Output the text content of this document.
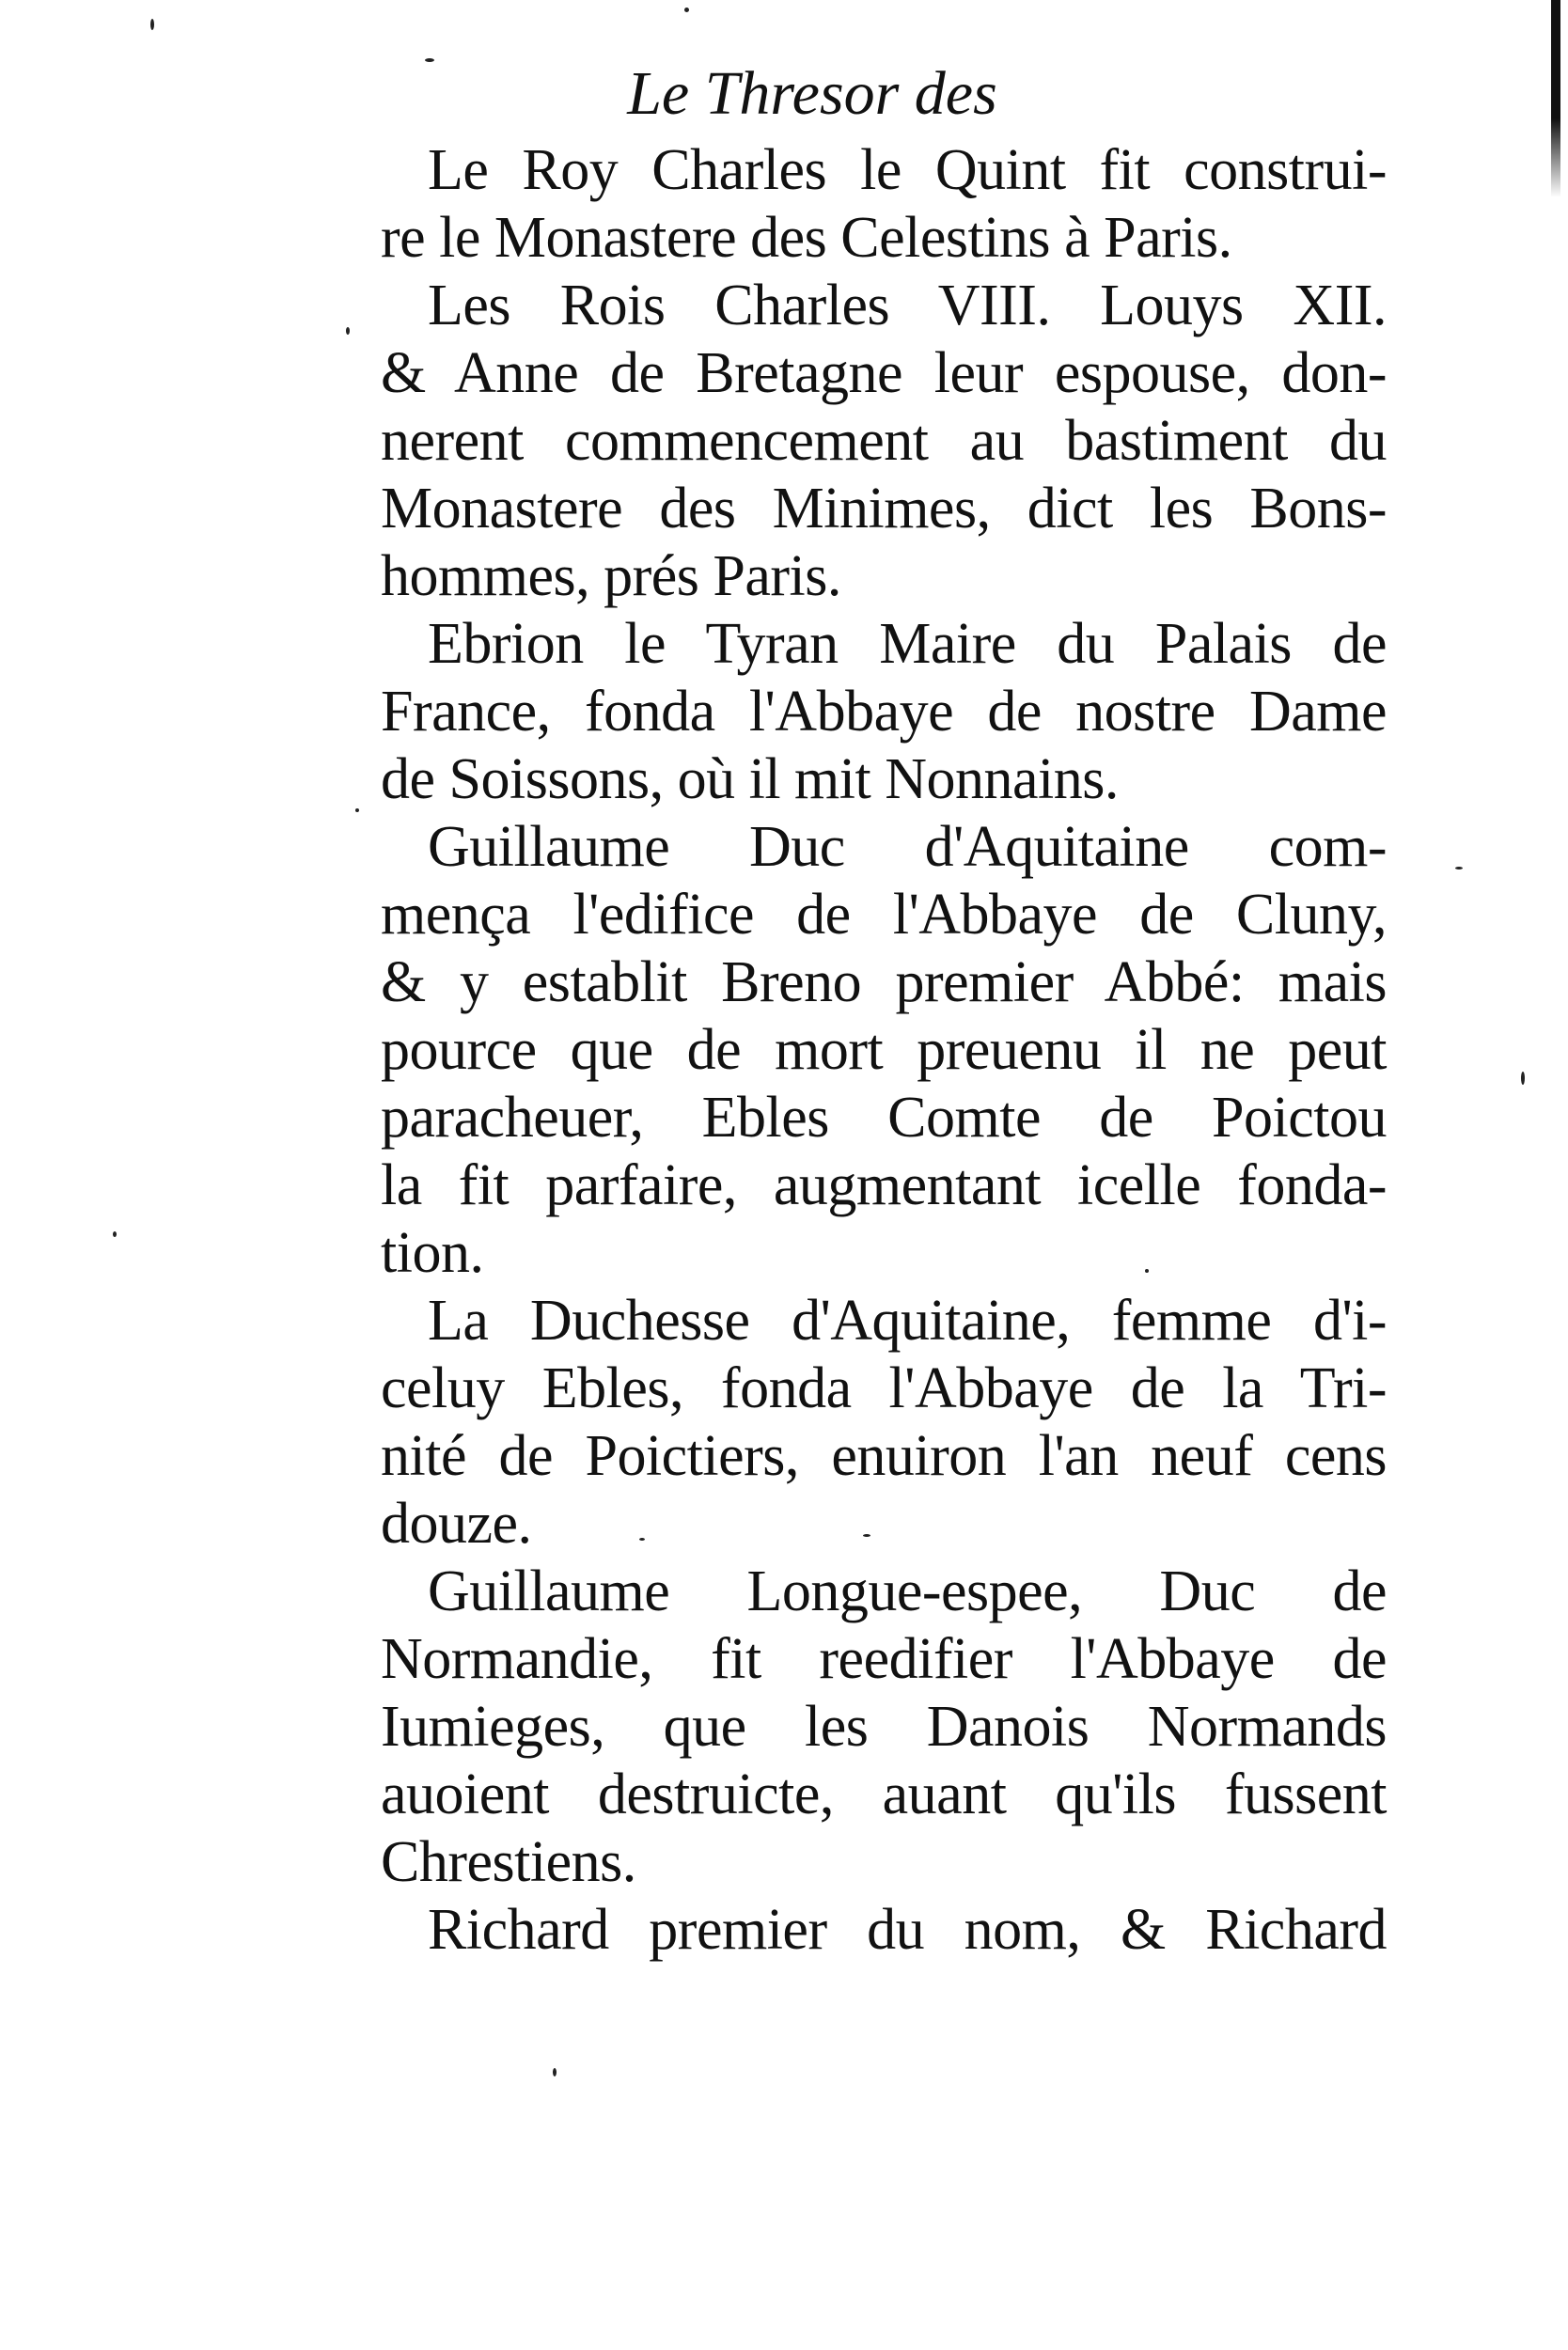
Le Thresor des
Le Roy Charles le Quint fit construi-
re le Monastere des Celestins à Paris.
Les Rois Charles VIII. Louys XII.
& Anne de Bretagne leur espouse, don-
nerent commencement au bastiment du
Monastere des Minimes, dict les Bons-
hommes, prés Paris.
Ebrion le Tyran Maire du Palais de
France, fonda l'Abbaye de nostre Dame
de Soissons, où il mit Nonnains.
Guillaume Duc d'Aquitaine com-
mença l'edifice de l'Abbaye de Cluny,
& y establit Breno premier Abbé: mais
pource que de mort preuenu il ne peut
paracheuer, Ebles Comte de Poictou
la fit parfaire, augmentant icelle fonda-
tion.
La Duchesse d'Aquitaine, femme d'i-
celuy Ebles, fonda l'Abbaye de la Tri-
nité de Poictiers, enuiron l'an neuf cens
douze.
Guillaume Longue-espee, Duc de
Normandie, fit reedifier l'Abbaye de
Iumieges, que les Danois Normands
auoient destruicte, auant qu'ils fussent
Chrestiens.
Richard premier du nom, & Richard
